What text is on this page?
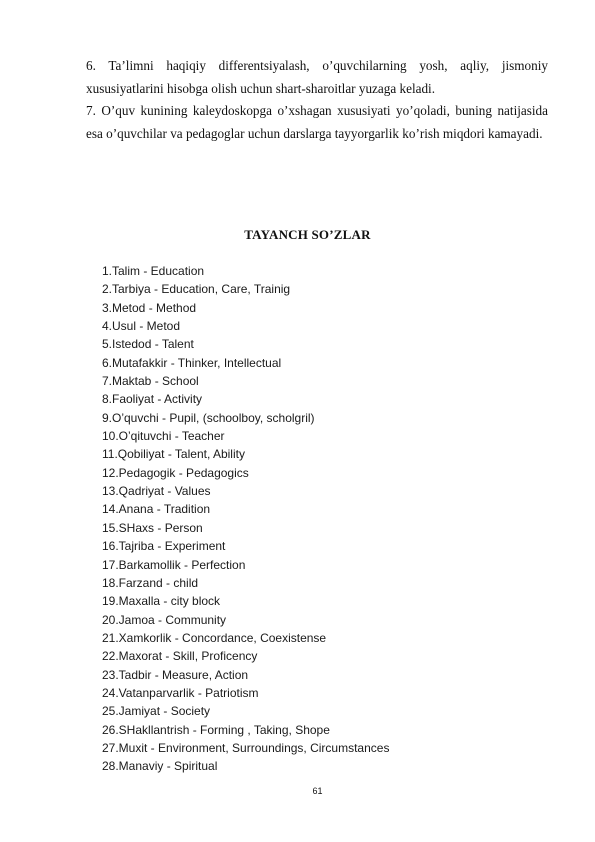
6. Ta’limni haqiqiy differentsiyalash, o’quvchilarning yosh, aqliy, jismoniy xususiyatlarini hisobga olish uchun shart-sharoitlar yuzaga keladi.
7. O’quv kunining kaleydoskopga o’xshagan xususiyati yo’qoladi, buning natijasida esa o’quvchilar va pedagoglar uchun darslarga tayyorgarlik ko’rish miqdori kamayadi.
TAYANCH SO’ZLAR
1.Talim - Education
2.Tarbiya - Education, Care, Trainig
3.Metod - Method
4.Usul - Metod
5.Istedod - Talent
6.Mutafakkir - Thinker, Intellectual
7.Maktab - School
8.Faoliyat - Activity
9.O’quvchi - Pupil, (schoolboy, scholgril)
10.O’qituvchi - Teacher
11.Qobiliyat - Talent, Ability
12.Pedagogik - Pedagogics
13.Qadriyat - Values
14.Anana - Tradition
15.SHaxs - Person
16.Tajriba - Experiment
17.Barkamollik - Perfection
18.Farzand - child
19.Maxalla - city block
20.Jamoa - Community
21.Xamkorlik - Concordance, Coexistense
22.Maxorat - Skill, Proficency
23.Tadbir - Measure, Action
24.Vatanparvarlik - Patriotism
25.Jamiyat - Society
26.SHakllantrish - Forming , Taking, Shope
27.Muxit - Environment, Surroundings, Circumstances
28.Manaviy - Spiritual
61
